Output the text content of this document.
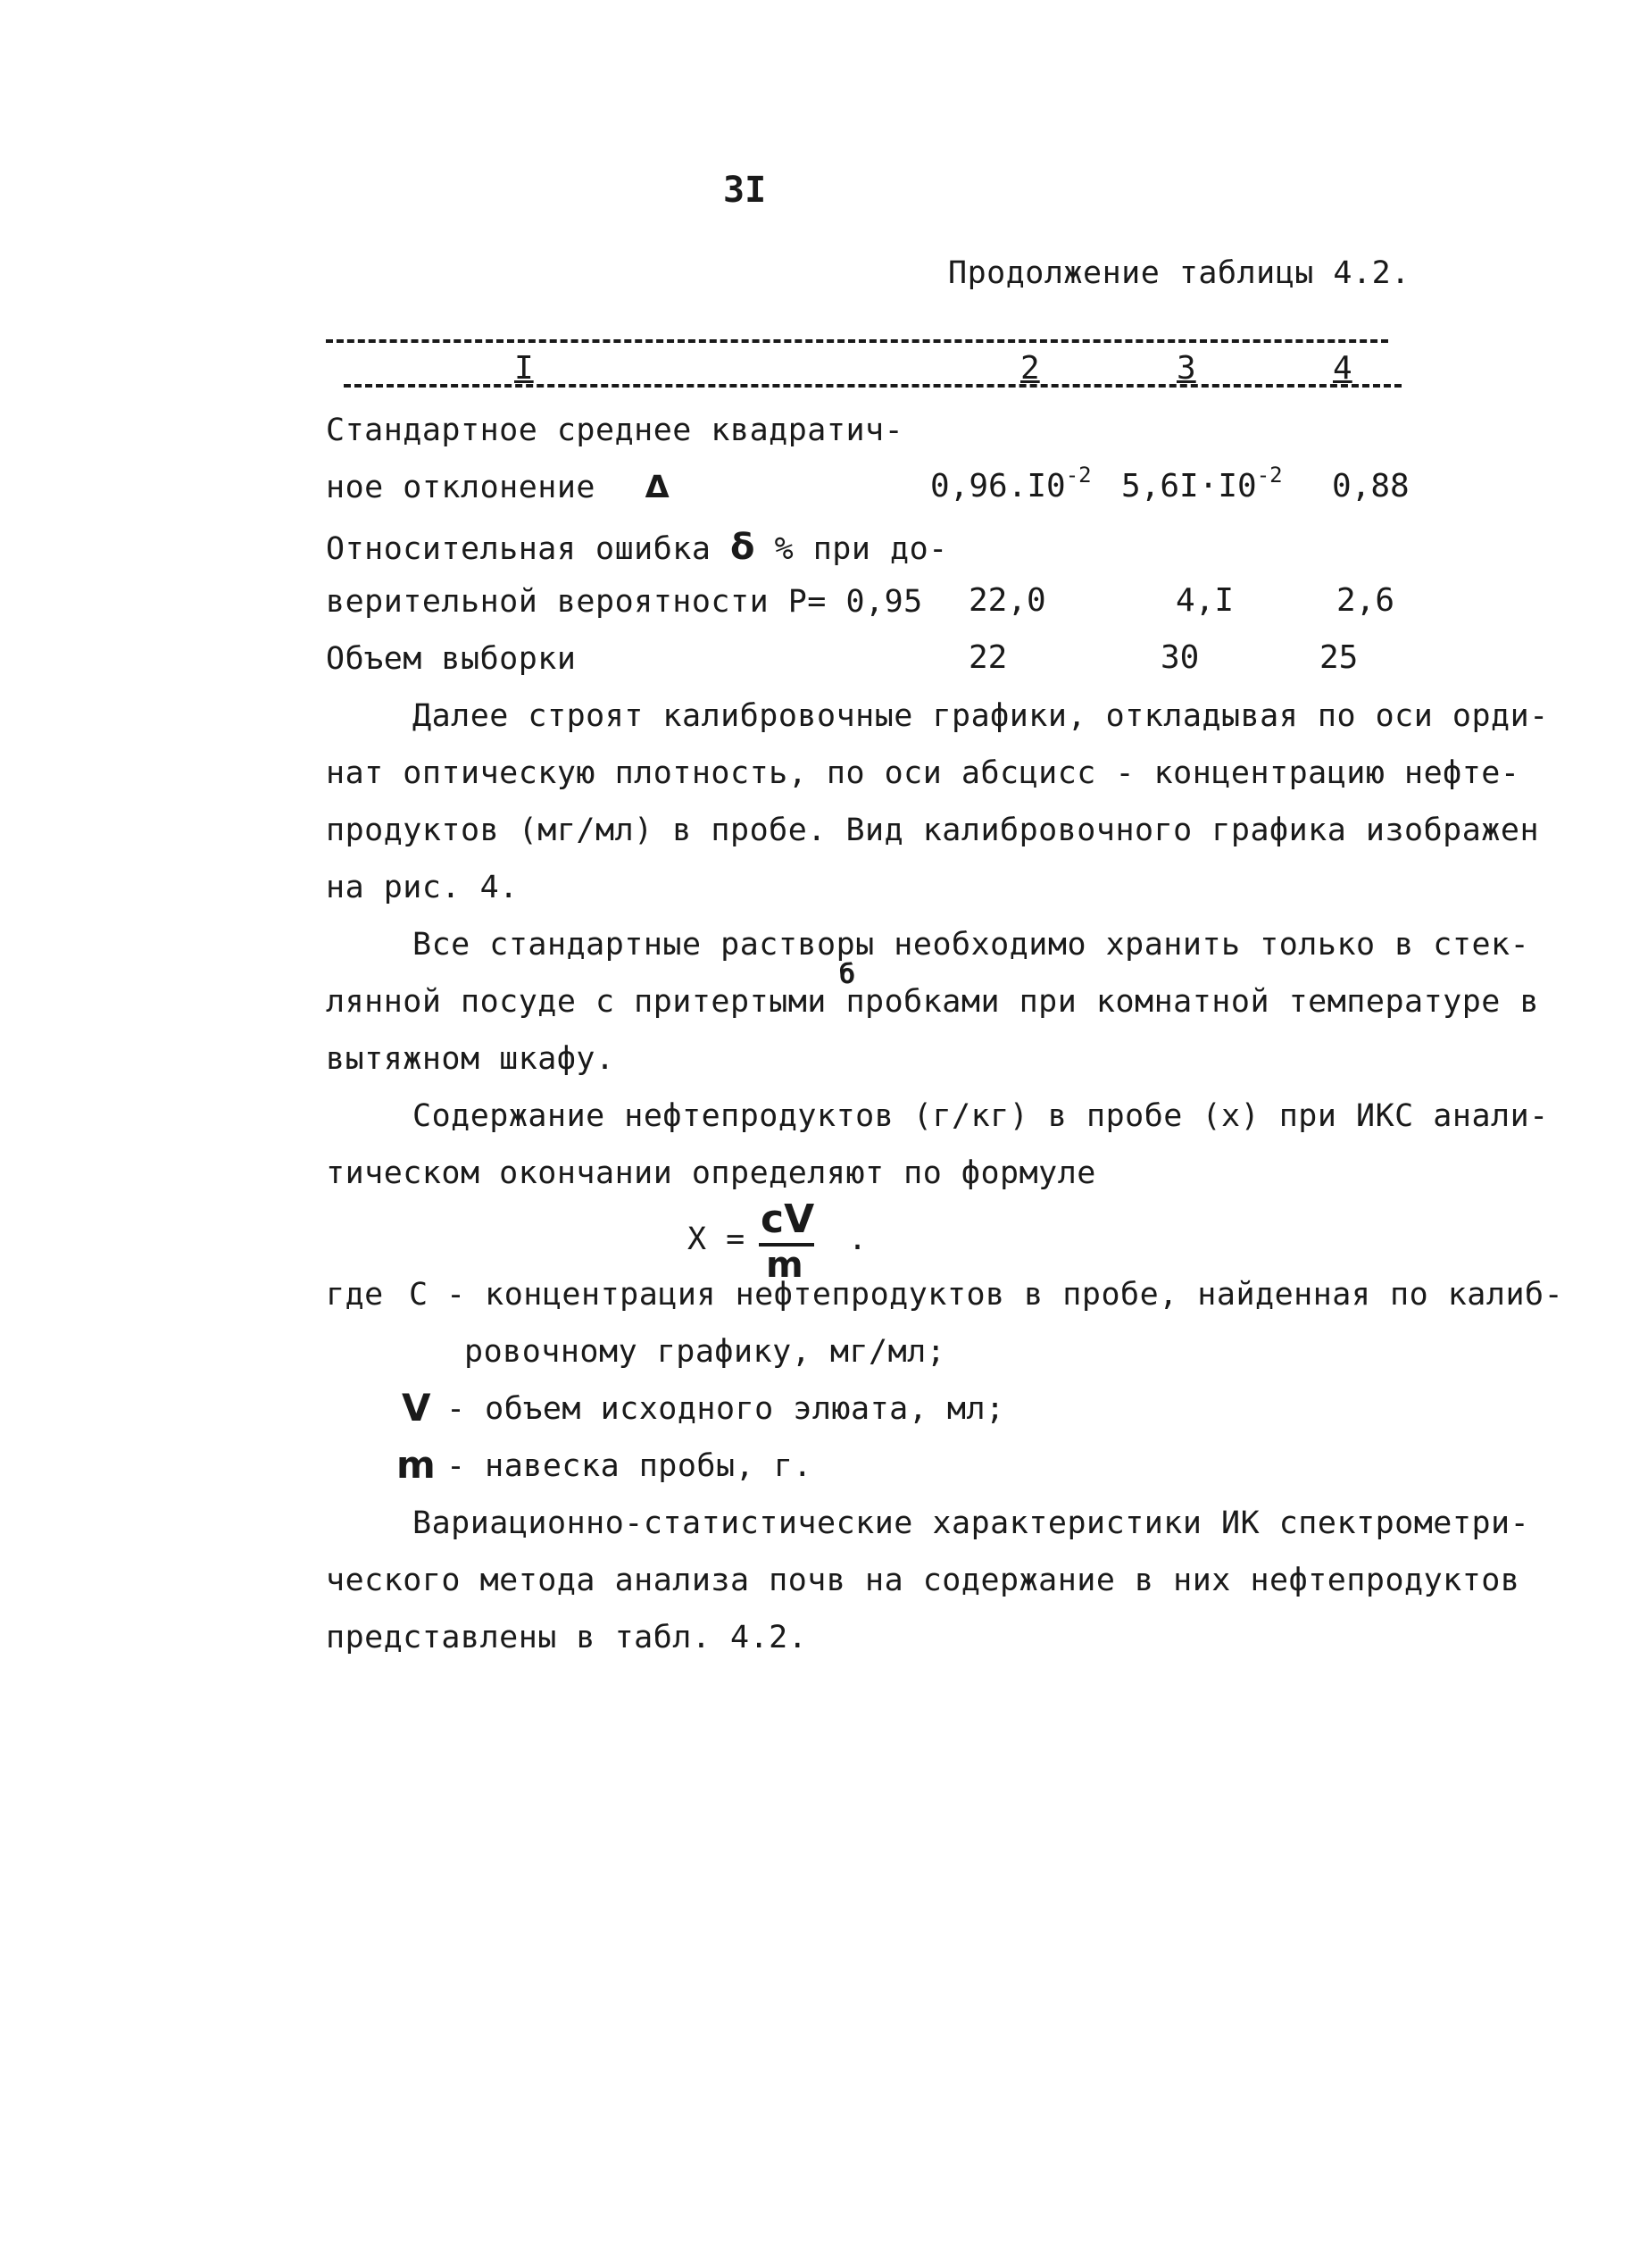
3I
Продолжение таблицы 4.2.
I	2	3	4
Стандартное среднее квадратич-
ное отклонение Δ	$0,96.I0^{-2}$ $5,6I\cdot I0^{-2}$ 0,88
Относительная ошибка δ % при до-
верительной вероятности Р= 0,95 22,0	4,I	2,6
Объем выборки	22	30	25
Далее строят калибровочные графики, откладывая по оси орди-
нат оптическую плотность, по оси абсцисс - концентрацию нефте-
продуктов (мг/мл) в пробе. Вид калибровочного графика изображен
на рис. 4.
Все стандартные растворы необходимо хранить только в стек-
б
лянной посуде с притертыми пробками при комнатной температуре в
вытяжном шкафу.
Содержание нефтепродуктов (г/кг) в пробе (х) при ИКС анали-
тическом окончании определяют по формуле
Х = cV
m
.
где С - концентрация нефтепродуктов в пробе, найденная по калиб-
ровочному графику, мг/мл;
V - объем исходного элюата, мл;
m - навеска пробы, г.
Вариационно-статистические характеристики ИК спектрометри-
ческого метода анализа почв на содержание в них нефтепродуктов
представлены в табл. 4.2.
